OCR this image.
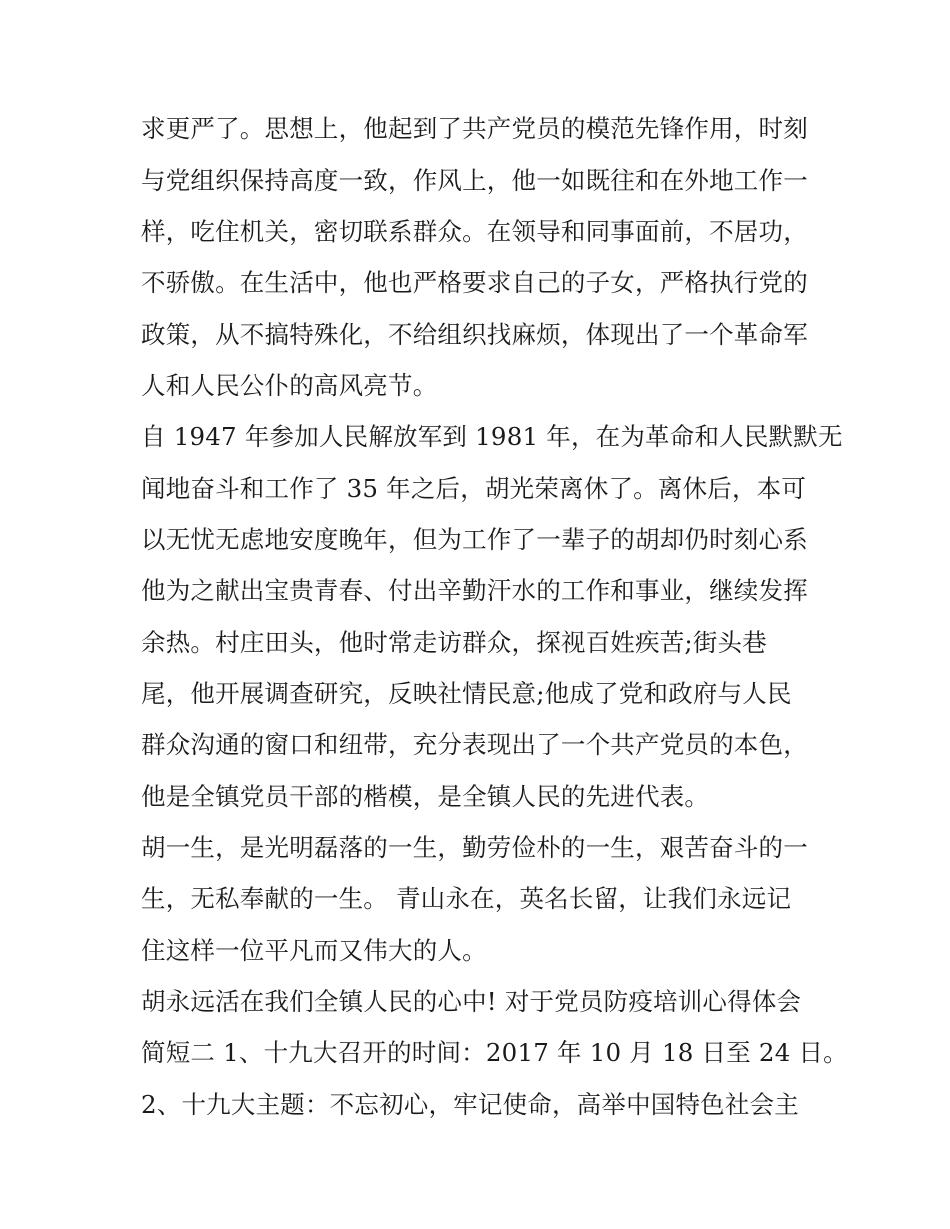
求更严了。思想上，他起到了共产党员的模范先锋作用，时刻
与党组织保持高度一致，作风上，他一如既往和在外地工作一
样，吃住机关，密切联系群众。在领导和同事面前，不居功，
不骄傲。在生活中，他也严格要求自己的子女，严格执行党的
政策，从不搞特殊化，不给组织找麻烦，体现出了一个革命军
人和人民公仆的高风亮节。
自 1947 年参加人民解放军到 1981 年，在为革命和人民默默无
闻地奋斗和工作了 35 年之后，胡光荣离休了。离休后，本可
以无忧无虑地安度晚年，但为工作了一辈子的胡却仍时刻心系
他为之献出宝贵青春、付出辛勤汗水的工作和事业，继续发挥
余热。村庄田头，他时常走访群众，探视百姓疾苦;街头巷
尾，他开展调查研究，反映社情民意;他成了党和政府与人民
群众沟通的窗口和纽带，充分表现出了一个共产党员的本色，
他是全镇党员干部的楷模，是全镇人民的先进代表。
胡一生，是光明磊落的一生，勤劳俭朴的一生，艰苦奋斗的一
生，无私奉献的一生。 青山永在，英名长留，让我们永远记
住这样一位平凡而又伟大的人。
胡永远活在我们全镇人民的心中! 对于党员防疫培训心得体会
简短二 1、十九大召开的时间：2017 年 10 月 18 日至 24 日。
2、十九大主题：不忘初心，牢记使命，高举中国特色社会主
